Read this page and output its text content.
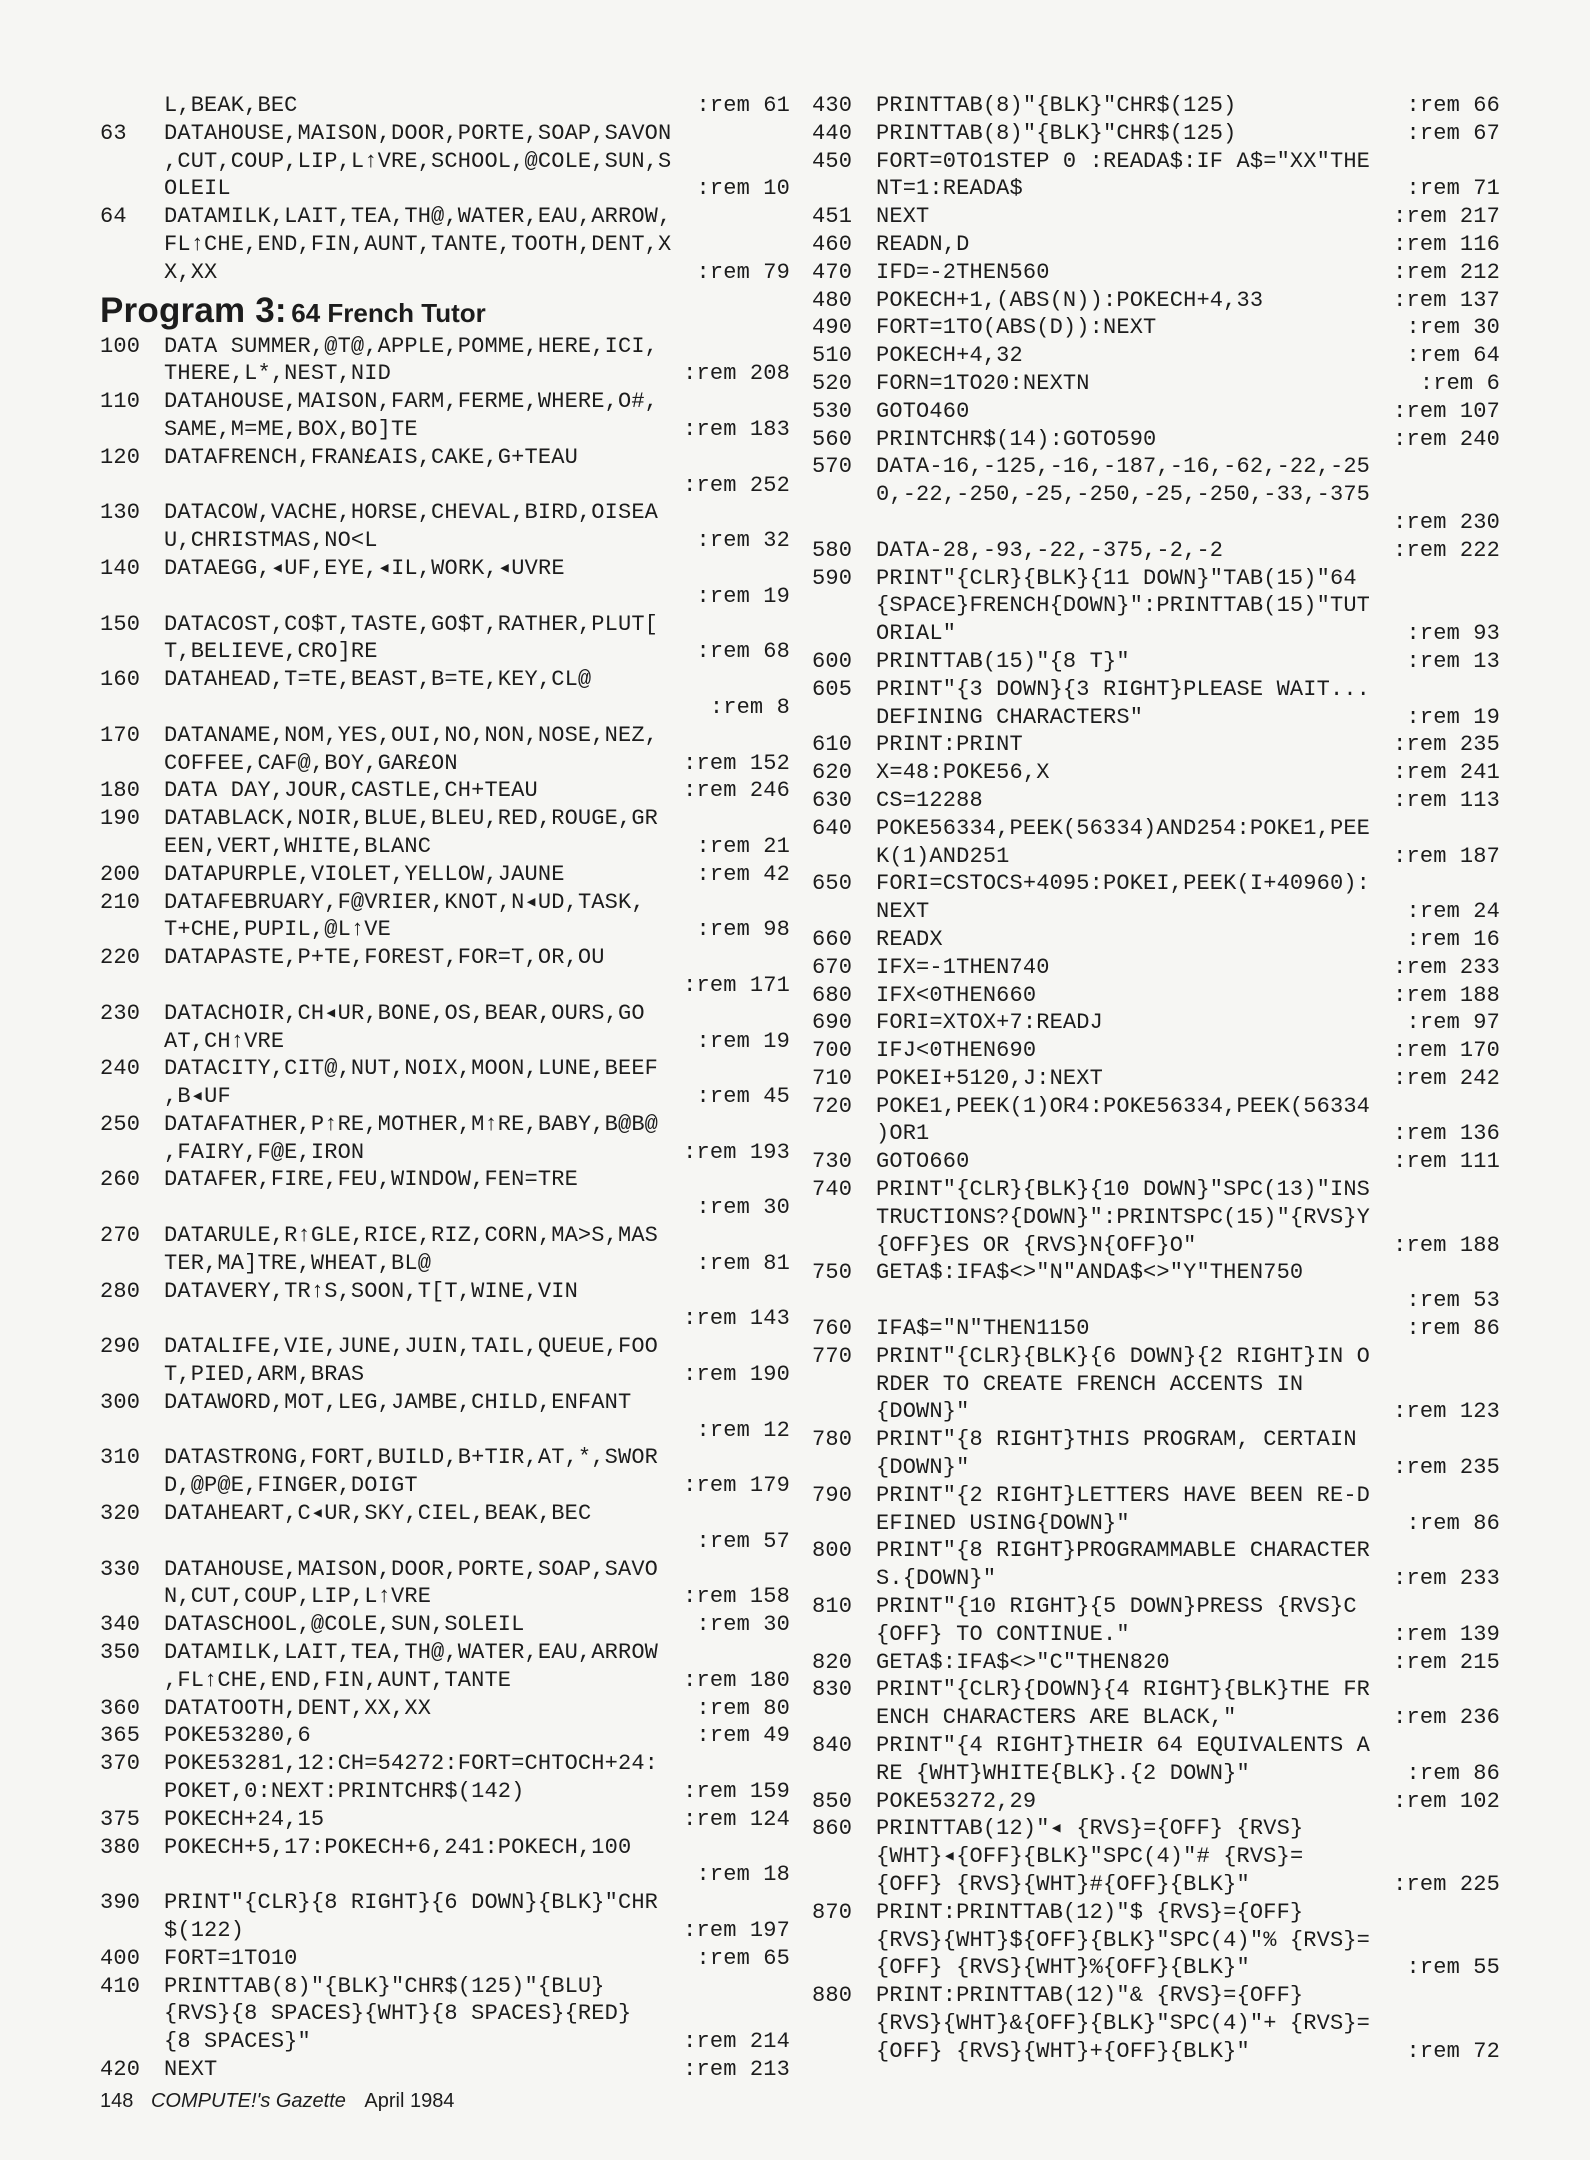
L,BEAK,BEC	:rem 61
63 DATAHOUSE,MAISON,DOOR,PORTE,SOAP,SAVON
,CUT,COUP,LIP,L↑VRE,SCHOOL,@COLE,SUN,S
OLEIL	:rem 10
64 DATAMILK,LAIT,TEA,TH@,WATER,EAU,ARROW,
FL↑CHE,END,FIN,AUNT,TANTE,TOOTH,DENT,X
X,XX	:rem 79
Program 3: 64 French Tutor
100 DATA SUMMER,@T@,APPLE,POMME,HERE,ICI,
THERE,L*,NEST,NID	:rem 208
110 DATAHOUSE,MAISON,FARM,FERME,WHERE,O#,
SAME,M=ME,BOX,BO]TE	:rem 183
120 DATAFRENCH,FRAN£AIS,CAKE,G+TEAU
:rem 252
130 DATACOW,VACHE,HORSE,CHEVAL,BIRD,OISEA
U,CHRISTMAS,NO<L	:rem 32
140 DATAEGG,◂UF,EYE,◂IL,WORK,◂UVRE
:rem 19
150 DATACOST,CO$T,TASTE,GO$T,RATHER,PLUT[
T,BELIEVE,CRO]RE	:rem 68
160 DATAHEAD,T=TE,BEAST,B=TE,KEY,CL@
:rem 8
170 DATANAME,NOM,YES,OUI,NO,NON,NOSE,NEZ,
COFFEE,CAF@,BOY,GAR£ON	:rem 152
180 DATA DAY,JOUR,CASTLE,CH+TEAU	:rem 246
190 DATABLACK,NOIR,BLUE,BLEU,RED,ROUGE,GR
EEN,VERT,WHITE,BLANC	:rem 21
200 DATAPURPLE,VIOLET,YELLOW,JAUNE	:rem 42
210 DATAFEBRUARY,F@VRIER,KNOT,N◂UD,TASK,
T+CHE,PUPIL,@L↑VE	:rem 98
220 DATAPASTE,P+TE,FOREST,FOR=T,OR,OU
:rem 171
230 DATACHOIR,CH◂UR,BONE,OS,BEAR,OURS,GO
AT,CH↑VRE	:rem 19
240 DATACITY,CIT@,NUT,NOIX,MOON,LUNE,BEEF
,B◂UF	:rem 45
250 DATAFATHER,P↑RE,MOTHER,M↑RE,BABY,B@B@
,FAIRY,F@E,IRON	:rem 193
260 DATAFER,FIRE,FEU,WINDOW,FEN=TRE
:rem 30
270 DATARULE,R↑GLE,RICE,RIZ,CORN,MA>S,MAS
TER,MA]TRE,WHEAT,BL@	:rem 81
280 DATAVERY,TR↑S,SOON,T[T,WINE,VIN
:rem 143
290 DATALIFE,VIE,JUNE,JUIN,TAIL,QUEUE,FOO
T,PIED,ARM,BRAS	:rem 190
300 DATAWORD,MOT,LEG,JAMBE,CHILD,ENFANT
:rem 12
310 DATASTRONG,FORT,BUILD,B+TIR,AT,*,SWOR
D,@P@E,FINGER,DOIGT	:rem 179
320 DATAHEART,C◂UR,SKY,CIEL,BEAK,BEC
:rem 57
330 DATAHOUSE,MAISON,DOOR,PORTE,SOAP,SAVO
N,CUT,COUP,LIP,L↑VRE	:rem 158
340 DATASCHOOL,@COLE,SUN,SOLEIL	:rem 30
350 DATAMILK,LAIT,TEA,TH@,WATER,EAU,ARROW
,FL↑CHE,END,FIN,AUNT,TANTE	:rem 180
360 DATATOOTH,DENT,XX,XX	:rem 80
365 POKE53280,6	:rem 49
370 POKE53281,12:CH=54272:FORT=CHTOCH+24:
POKET,0:NEXT:PRINTCHR$(142)	:rem 159
375 POKECH+24,15	:rem 124
380 POKECH+5,17:POKECH+6,241:POKECH,100
:rem 18
390 PRINT"{CLR}{8 RIGHT}{6 DOWN}{BLK}"CHR
$(122)	:rem 197
400 FORT=1TO10	:rem 65
410 PRINTTAB(8)"{BLK}"CHR$(125)"{BLU}
{RVS}{8 SPACES}{WHT}{8 SPACES}{RED}
{8 SPACES}"	:rem 214
420 NEXT	:rem 213
430 PRINTTAB(8)"{BLK}"CHR$(125)	:rem 66
440 PRINTTAB(8)"{BLK}"CHR$(125)	:rem 67
450 FORT=0TO1STEP 0 :READA$:IF A$="XX"THE
NT=1:READA$	:rem 71
451 NEXT	:rem 217
460 READN,D	:rem 116
470 IFD=-2THEN560	:rem 212
480 POKECH+1,(ABS(N)):POKECH+4,33	:rem 137
490 FORT=1TO(ABS(D)):NEXT	:rem 30
510 POKECH+4,32	:rem 64
520 FORN=1TO20:NEXTN	:rem 6
530 GOTO460	:rem 107
560 PRINTCHR$(14):GOTO590	:rem 240
570 DATA-16,-125,-16,-187,-16,-62,-22,-25
0,-22,-250,-25,-250,-25,-250,-33,-375
:rem 230
580 DATA-28,-93,-22,-375,-2,-2	:rem 222
590 PRINT"{CLR}{BLK}{11 DOWN}"TAB(15)"64
{SPACE}FRENCH{DOWN}":PRINTTAB(15)"TUT
ORIAL"	:rem 93
600 PRINTTAB(15)"{8 T}"	:rem 13
605 PRINT"{3 DOWN}{3 RIGHT}PLEASE WAIT...
DEFINING CHARACTERS"	:rem 19
610 PRINT:PRINT	:rem 235
620 X=48:POKE56,X	:rem 241
630 CS=12288	:rem 113
640 POKE56334,PEEK(56334)AND254:POKE1,PEE
K(1)AND251	:rem 187
650 FORI=CSTOCS+4095:POKEI,PEEK(I+40960):
NEXT	:rem 24
660 READX	:rem 16
670 IFX=-1THEN740	:rem 233
680 IFX<0THEN660	:rem 188
690 FORI=XTOX+7:READJ	:rem 97
700 IFJ<0THEN690	:rem 170
710 POKEI+5120,J:NEXT	:rem 242
720 POKE1,PEEK(1)OR4:POKE56334,PEEK(56334
)OR1	:rem 136
730 GOTO660	:rem 111
740 PRINT"{CLR}{BLK}{10 DOWN}"SPC(13)"INS
TRUCTIONS?{DOWN}":PRINTSPC(15)"{RVS}Y
{OFF}ES OR {RVS}N{OFF}O"	:rem 188
750 GETA$:IFA$<>"N"ANDA$<>"Y"THEN750
:rem 53
760 IFA$="N"THEN1150	:rem 86
770 PRINT"{CLR}{BLK}{6 DOWN}{2 RIGHT}IN O
RDER TO CREATE FRENCH ACCENTS IN
{DOWN}"	:rem 123
780 PRINT"{8 RIGHT}THIS PROGRAM, CERTAIN
{DOWN}"	:rem 235
790 PRINT"{2 RIGHT}LETTERS HAVE BEEN RE-D
EFINED USING{DOWN}"	:rem 86
800 PRINT"{8 RIGHT}PROGRAMMABLE CHARACTER
S.{DOWN}"	:rem 233
810 PRINT"{10 RIGHT}{5 DOWN}PRESS {RVS}C
{OFF} TO CONTINUE."	:rem 139
820 GETA$:IFA$<>"C"THEN820	:rem 215
830 PRINT"{CLR}{DOWN}{4 RIGHT}{BLK}THE FR
ENCH CHARACTERS ARE BLACK,"	:rem 236
840 PRINT"{4 RIGHT}THEIR 64 EQUIVALENTS A
RE {WHT}WHITE{BLK}.{2 DOWN}"	:rem 86
850 POKE53272,29	:rem 102
860 PRINTTAB(12)"◂ {RVS}={OFF} {RVS}
{WHT}◂{OFF}{BLK}"SPC(4)"# {RVS}=
{OFF} {RVS}{WHT}#{OFF}{BLK}"	:rem 225
870 PRINT:PRINTTAB(12)"$ {RVS}={OFF}
{RVS}{WHT}${OFF}{BLK}"SPC(4)"% {RVS}=
{OFF} {RVS}{WHT}%{OFF}{BLK}"	:rem 55
880 PRINT:PRINTTAB(12)"& {RVS}={OFF}
{RVS}{WHT}&{OFF}{BLK}"SPC(4)"+ {RVS}=
{OFF} {RVS}{WHT}+{OFF}{BLK}"	:rem 72
148 COMPUTE!'s Gazette April 1984
